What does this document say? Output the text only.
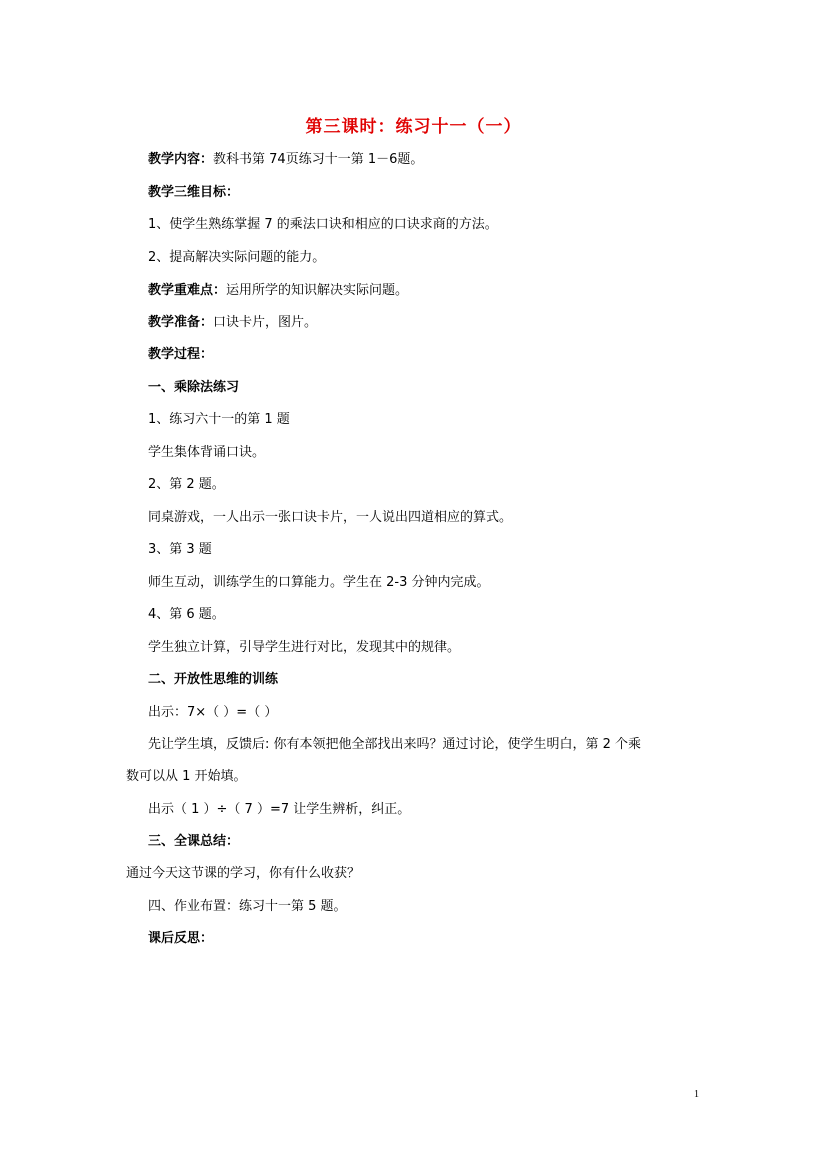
第三课时：练习十一（一）
教学内容：教科书第 74页练习十一第 1－6题。
教学三维目标：
1、使学生熟练掌握 7 的乘法口诀和相应的口诀求商的方法。
2、提高解决实际问题的能力。
教学重难点：运用所学的知识解决实际问题。
教学准备：口诀卡片，图片。
教学过程：
一、乘除法练习
1、练习六十一的第 1 题
学生集体背诵口诀。
2、第 2 题。
同桌游戏，一人出示一张口诀卡片，一人说出四道相应的算式。
3、第 3 题
师生互动，训练学生的口算能力。学生在 2-3 分钟内完成。
4、第 6 题。
学生独立计算，引导学生进行对比，发现其中的规律。
二、开放性思维的训练
出示：7×（ ）=（ ）
先让学生填，反馈后: 你有本领把他全部找出来吗？通过讨论，使学生明白，第 2 个乘
数可以从 1 开始填。
出示（ 1 ）÷（ 7 ）=7 让学生辨析，纠正。
三、全课总结：
通过今天这节课的学习，你有什么收获？
四、作业布置：练习十一第 5 题。
课后反思：
1
